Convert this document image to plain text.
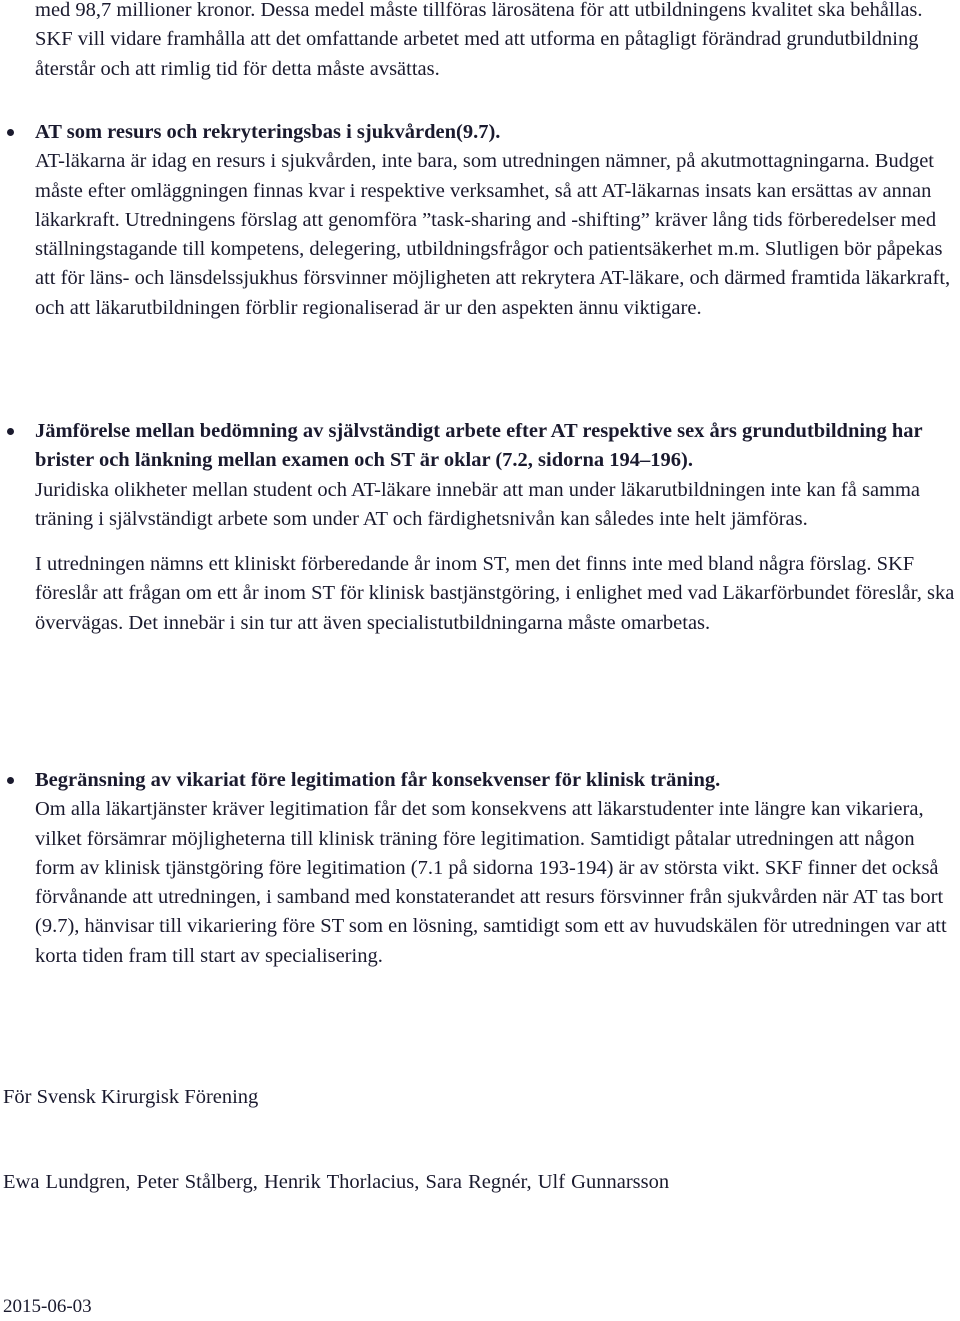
med 98,7 millioner kronor. Dessa medel måste tillföras lärosätena för att utbildningens kvalitet ska behållas. SKF vill vidare framhålla att det omfattande arbetet med att utforma en påtagligt förändrad grundutbildning återstår och att rimlig tid för detta måste avsättas.

AT som resurs och rekryteringsbas i sjukvården(9.7).

AT-läkarna är idag en resurs i sjukvården, inte bara, som utredningen nämner, på akutmottagningarna. Budget måste efter omläggningen finnas kvar i respektive verksamhet, så att AT-läkarnas insats kan ersättas av annan läkarkraft. Utredningens förslag att genomföra ”task-sharing and -shifting” kräver lång tids förberedelser med ställningstagande till kompetens, delegering, utbildningsfrågor och patientsäkerhet m.m. Slutligen bör påpekas att för läns- och länsdelssjukhus försvinner möjligheten att rekrytera AT-läkare, och därmed framtida läkarkraft, och att läkarutbildningen förblir regionaliserad är ur den aspekten ännu viktigare.

Jämförelse mellan bedömning av självständigt arbete efter AT respektive sex års grundutbildning har brister och länkning mellan examen och ST är oklar (7.2, sidorna 194–196).

Juridiska olikheter mellan student och AT-läkare innebär att man under läkarutbildningen inte kan få samma träning i självständigt arbete som under AT och färdighetsnivån kan således inte helt jämföras.

I utredningen nämns ett kliniskt förberedande år inom ST, men det finns inte med bland några förslag. SKF föreslår att frågan om ett år inom ST för klinisk bastjänstgöring, i enlighet med vad Läkarförbundet föreslår, ska övervägas. Det innebär i sin tur att även specialistutbildningarna måste omarbetas.

Begränsning av vikariat före legitimation får konsekvenser för klinisk träning.

Om alla läkartjänster kräver legitimation får det som konsekvens att läkarstudenter inte längre kan vikariera, vilket försämrar möjligheterna till klinisk träning före legitimation. Samtidigt påtalar utredningen att någon form av klinisk tjänstgöring före legitimation (7.1 på sidorna 193-194) är av största vikt. SKF finner det också förvånande att utredningen, i samband med konstaterandet att resurs försvinner från sjukvården när AT tas bort (9.7), hänvisar till vikariering före ST som en lösning, samtidigt som ett av huvudskälen för utredningen var att korta tiden fram till start av specialisering.

För Svensk Kirurgisk Förening

Ewa Lundgren, Peter Stålberg, Henrik Thorlacius, Sara Regnér, Ulf Gunnarsson

2015-06-03
